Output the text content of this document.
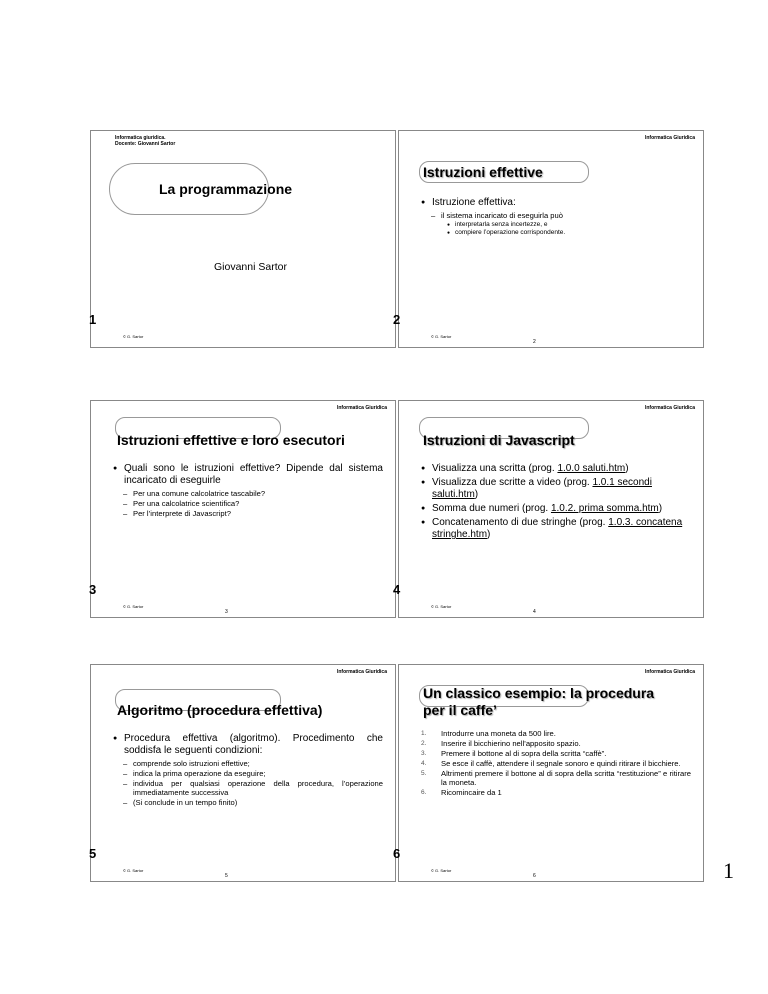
Informatica giuridica.
Docente: Giovanni Sartor
La programmazione
Giovanni Sartor
1
© G. Sartor
Informatica Giuridica
Istruzioni effettive
● Istruzione effettiva:
– il sistema incaricato di eseguirla può
● interpretarla senza incertezze, e
● compiere l’operazione corrispondente.
2
© G. Sartor
2
Informatica Giuridica
Istruzioni effettive e loro esecutori
● Quali sono le istruzioni effettive? Dipende dal sistema incaricato di eseguirle
– Per una comune calcolatrice tascabile?
– Per una calcolatrice scientifica?
– Per l’interprete di Javascript?
3
© G. Sartor
3
Informatica Giuridica
Istruzioni di Javascript
● Visualizza una scritta (prog. 1.0.0 saluti.htm)
● Visualizza due scritte a video (prog. 1.0.1 secondi saluti.htm)
● Somma due numeri (prog. 1.0.2. prima somma.htm)
● Concatenamento di due stringhe (prog. 1.0.3. concatena stringhe.htm)
4
© G. Sartor
4
Informatica Giuridica
Algoritmo (procedura effettiva)
● Procedura effettiva (algoritmo). Procedimento che soddisfa le seguenti condizioni:
– comprende solo istruzioni effettive;
– indica la prima operazione da eseguire;
– individua per qualsiasi operazione della procedura, l’operazione immediatamente successiva
– (Si conclude in un tempo finito)
5
© G. Sartor
5
Informatica Giuridica
Un classico esempio: la procedura
per il caffe’
1. Introdurre una moneta da 500 lire.
2. Inserire il bicchierino nell’apposito spazio.
3. Premere il bottone al di sopra della scritta “caffè”.
4. Se esce il caffè, attendere il segnale sonoro e quindi ritirare il bicchiere.
5. Altrimenti premere il bottone al di sopra della scritta “restituzione” e ritirare la moneta.
6. Ricomincaire da 1
6
© G. Sartor
6	1
